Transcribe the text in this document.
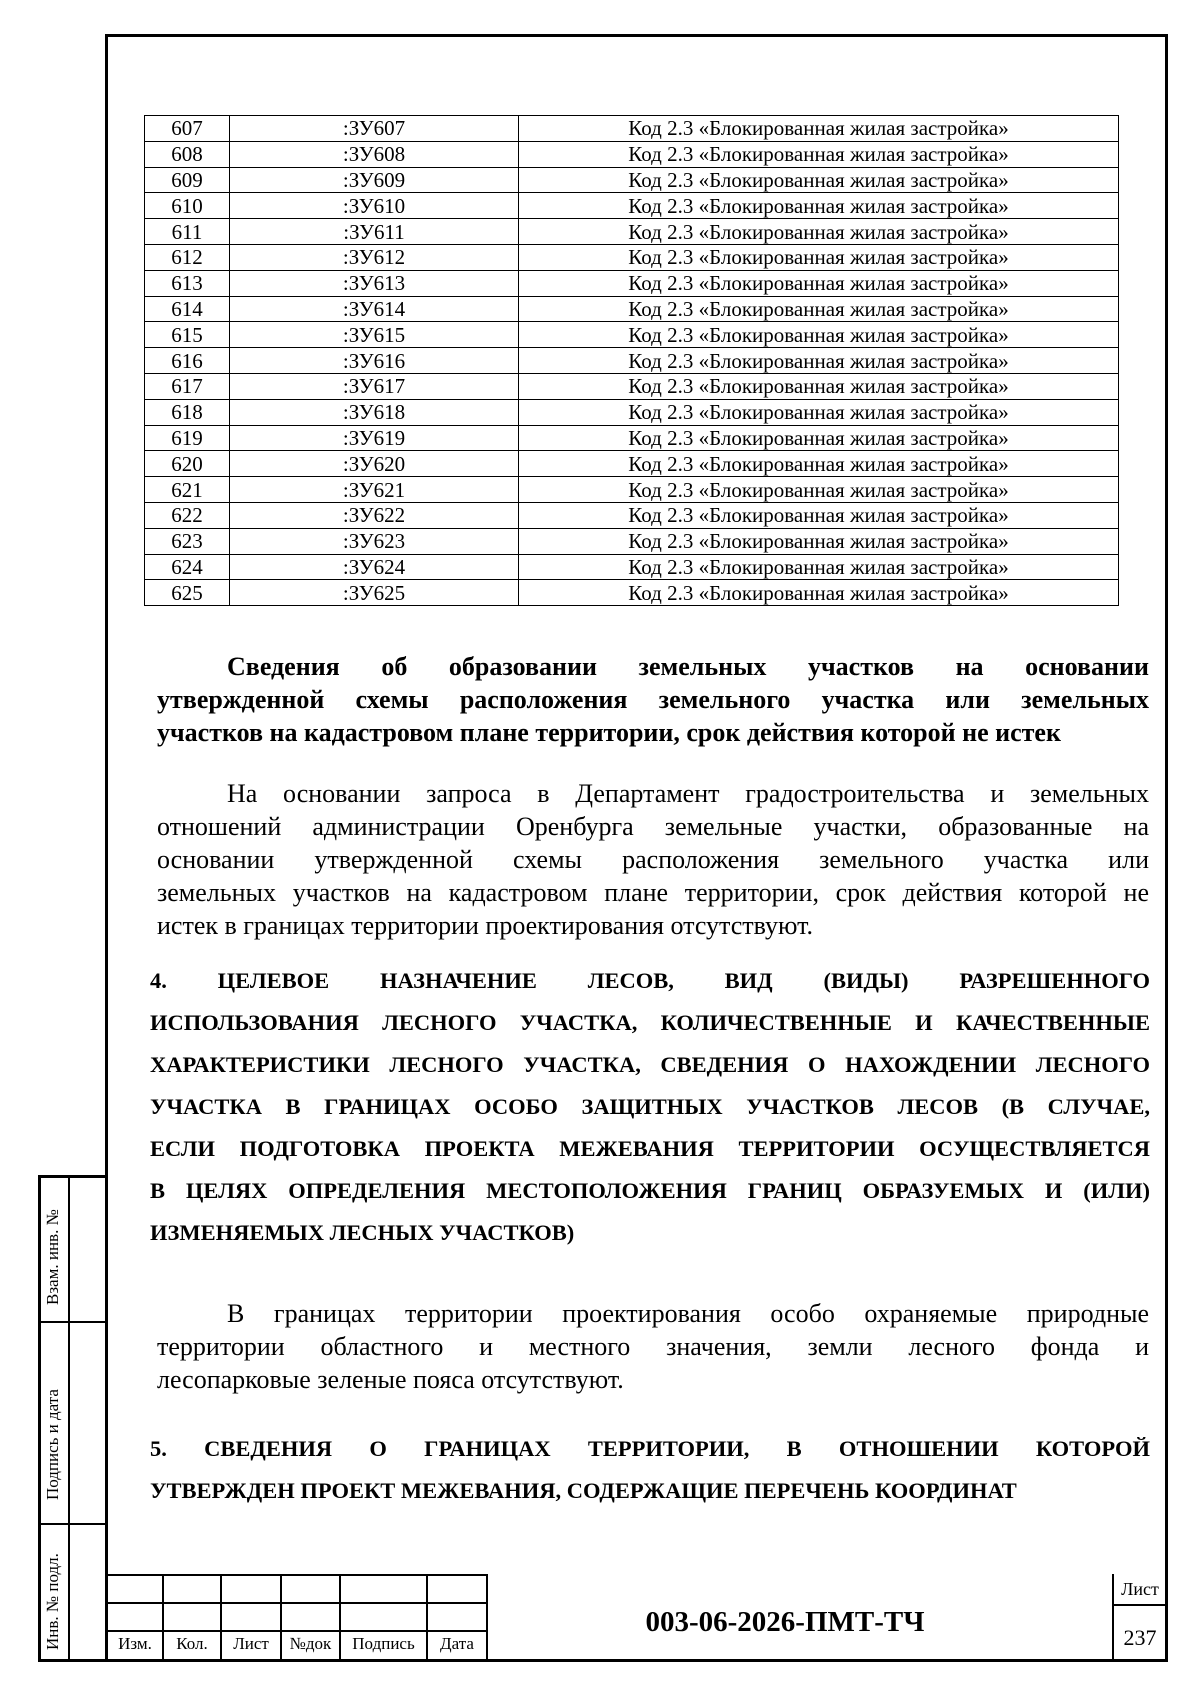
607	:ЗУ607	Код 2.3 «Блокированная жилая застройка»
608	:ЗУ608	Код 2.3 «Блокированная жилая застройка»
609	:ЗУ609	Код 2.3 «Блокированная жилая застройка»
610	:ЗУ610	Код 2.3 «Блокированная жилая застройка»
611	:ЗУ611	Код 2.3 «Блокированная жилая застройка»
612	:ЗУ612	Код 2.3 «Блокированная жилая застройка»
613	:ЗУ613	Код 2.3 «Блокированная жилая застройка»
614	:ЗУ614	Код 2.3 «Блокированная жилая застройка»
615	:ЗУ615	Код 2.3 «Блокированная жилая застройка»
616	:ЗУ616	Код 2.3 «Блокированная жилая застройка»
617	:ЗУ617	Код 2.3 «Блокированная жилая застройка»
618	:ЗУ618	Код 2.3 «Блокированная жилая застройка»
619	:ЗУ619	Код 2.3 «Блокированная жилая застройка»
620	:ЗУ620	Код 2.3 «Блокированная жилая застройка»
621	:ЗУ621	Код 2.3 «Блокированная жилая застройка»
622	:ЗУ622	Код 2.3 «Блокированная жилая застройка»
623	:ЗУ623	Код 2.3 «Блокированная жилая застройка»
624	:ЗУ624	Код 2.3 «Блокированная жилая застройка»
625	:ЗУ625	Код 2.3 «Блокированная жилая застройка»
Сведения об образовании земельных участков на основании
утвержденной схемы расположения земельного участка или земельных
участков на кадастровом плане территории, срок действия которой не истек
На основании запроса в Департамент градостроительства и земельных
отношений администрации Оренбурга земельные участки, образованные на
основании утвержденной схемы расположения земельного участка или
земельных участков на кадастровом плане территории, срок действия которой не
истек в границах территории проектирования отсутствуют.
4. ЦЕЛЕВОЕ НАЗНАЧЕНИЕ ЛЕСОВ, ВИД (ВИДЫ) РАЗРЕШЕННОГО
ИСПОЛЬЗОВАНИЯ ЛЕСНОГО УЧАСТКА, КОЛИЧЕСТВЕННЫЕ И КАЧЕСТВЕННЫЕ
ХАРАКТЕРИСТИКИ ЛЕСНОГО УЧАСТКА, СВЕДЕНИЯ О НАХОЖДЕНИИ ЛЕСНОГО
УЧАСТКА В ГРАНИЦАХ ОСОБО ЗАЩИТНЫХ УЧАСТКОВ ЛЕСОВ (В СЛУЧАЕ,
ЕСЛИ ПОДГОТОВКА ПРОЕКТА МЕЖЕВАНИЯ ТЕРРИТОРИИ ОСУЩЕСТВЛЯЕТСЯ
В ЦЕЛЯХ ОПРЕДЕЛЕНИЯ МЕСТОПОЛОЖЕНИЯ ГРАНИЦ ОБРАЗУЕМЫХ И (ИЛИ)
ИЗМЕНЯЕМЫХ ЛЕСНЫХ УЧАСТКОВ)
В границах территории проектирования особо охраняемые природные
территории областного и местного значения, земли лесного фонда и
лесопарковые зеленые пояса отсутствуют.
5. СВЕДЕНИЯ О ГРАНИЦАХ ТЕРРИТОРИИ, В ОТНОШЕНИИ КОТОРОЙ
УТВЕРЖДЕН ПРОЕКТ МЕЖЕВАНИЯ, СОДЕРЖАЩИЕ ПЕРЕЧЕНЬ КООРДИНАТ
Взам. инв. №
Подпись и дата
Инв. № подл.	Изм.	Кол.	Лист	№док	Подпись	Дата
003-06-2026-ПМТ-ТЧ
Лист
237
